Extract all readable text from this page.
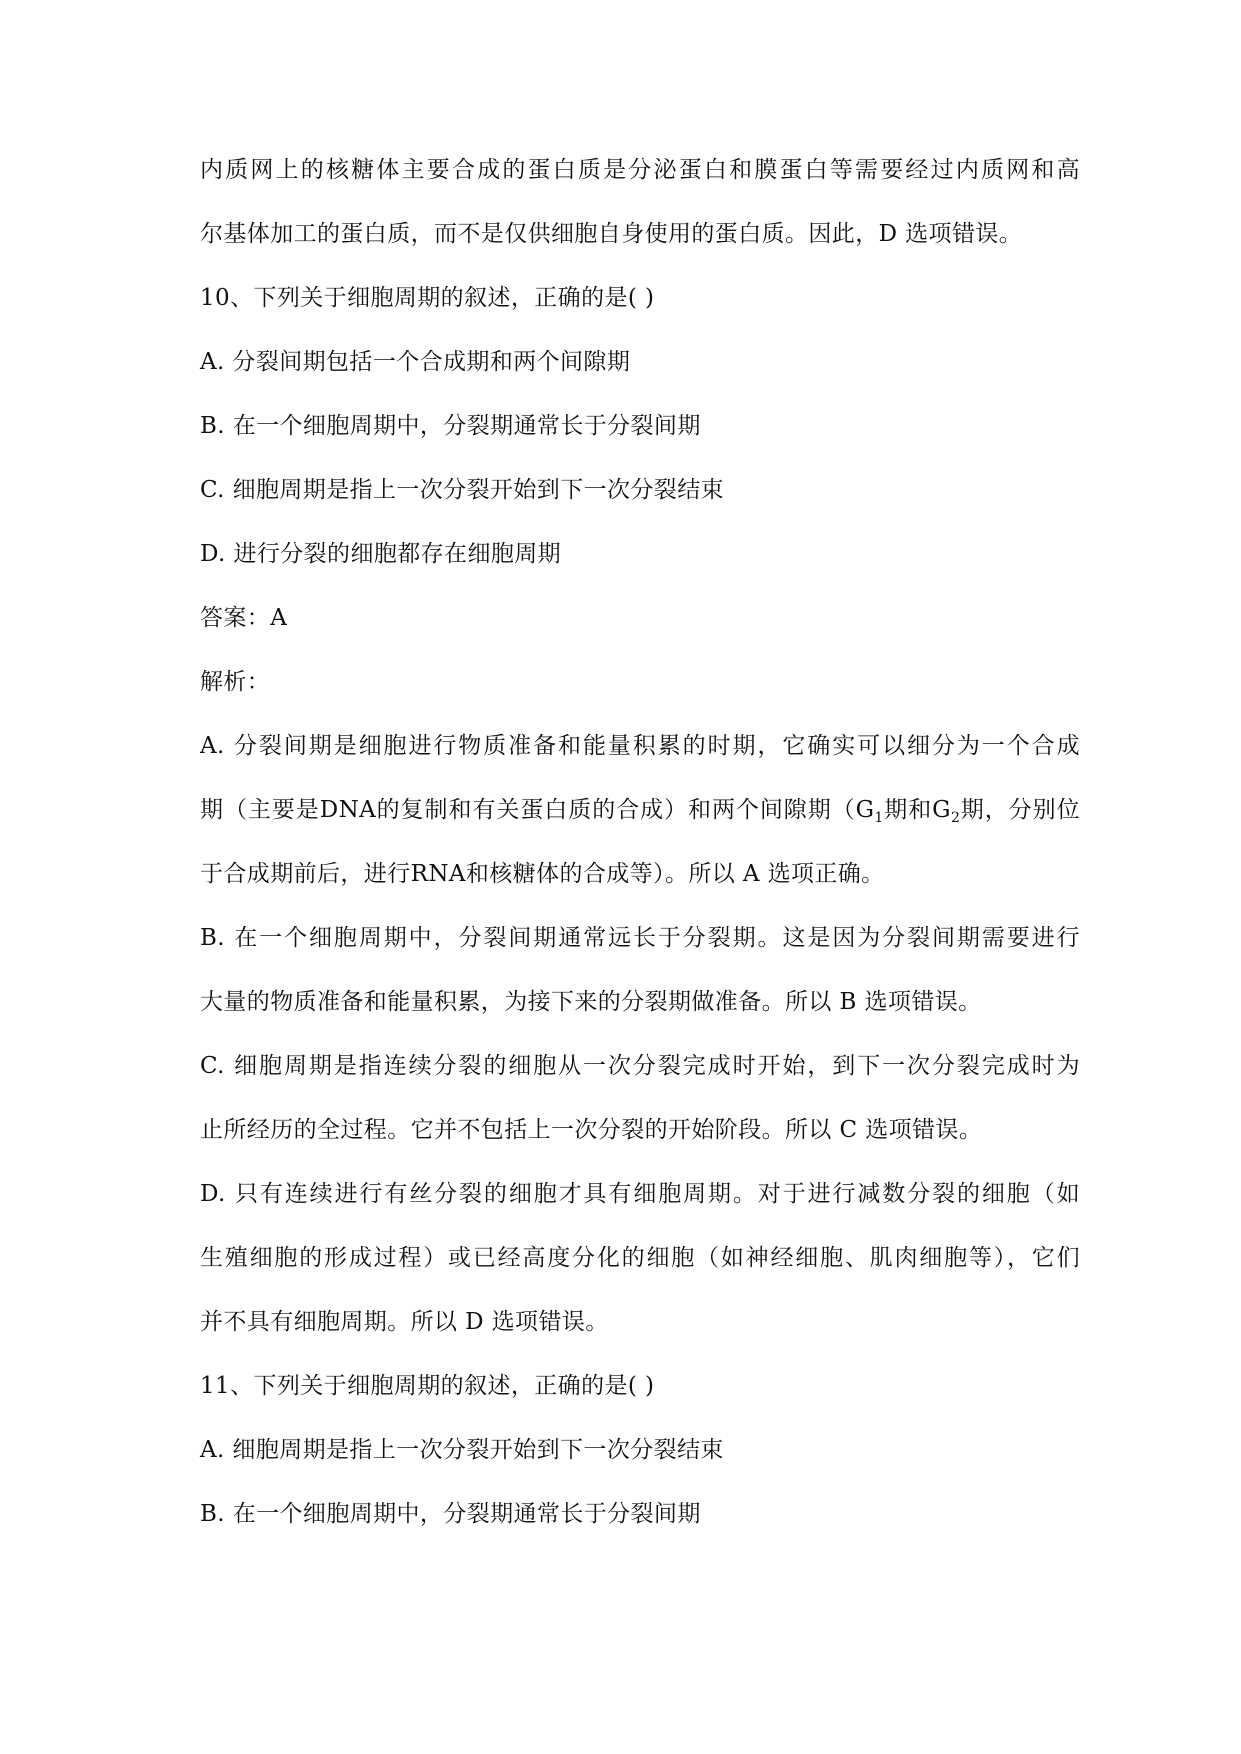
内质网上的核糖体主要合成的蛋白质是分泌蛋白和膜蛋白等需要经过内质网和高
尔基体加工的蛋白质，而不是仅供细胞自身使用的蛋白质。因此，D 选项错误。
10、下列关于细胞周期的叙述，正确的是( )
A. 分裂间期包括一个合成期和两个间隙期
B. 在一个细胞周期中，分裂期通常长于分裂间期
C. 细胞周期是指上一次分裂开始到下一次分裂结束
D. 进行分裂的细胞都存在细胞周期
答案：A
解析：
A. 分裂间期是细胞进行物质准备和能量积累的时期，它确实可以细分为一个合成
期（主要是DNA的复制和有关蛋白质的合成）和两个间隙期（$G_1$期和$G_2$期，分别位
于合成期前后，进行RNA和核糖体的合成等）。所以 A 选项正确。
B. 在一个细胞周期中，分裂间期通常远长于分裂期。这是因为分裂间期需要进行
大量的物质准备和能量积累，为接下来的分裂期做准备。所以 B 选项错误。
C. 细胞周期是指连续分裂的细胞从一次分裂完成时开始，到下一次分裂完成时为
止所经历的全过程。它并不包括上一次分裂的开始阶段。所以 C 选项错误。
D. 只有连续进行有丝分裂的细胞才具有细胞周期。对于进行减数分裂的细胞（如
生殖细胞的形成过程）或已经高度分化的细胞（如神经细胞、肌肉细胞等），它们
并不具有细胞周期。所以 D 选项错误。
11、下列关于细胞周期的叙述，正确的是( )
A. 细胞周期是指上一次分裂开始到下一次分裂结束
B. 在一个细胞周期中，分裂期通常长于分裂间期
